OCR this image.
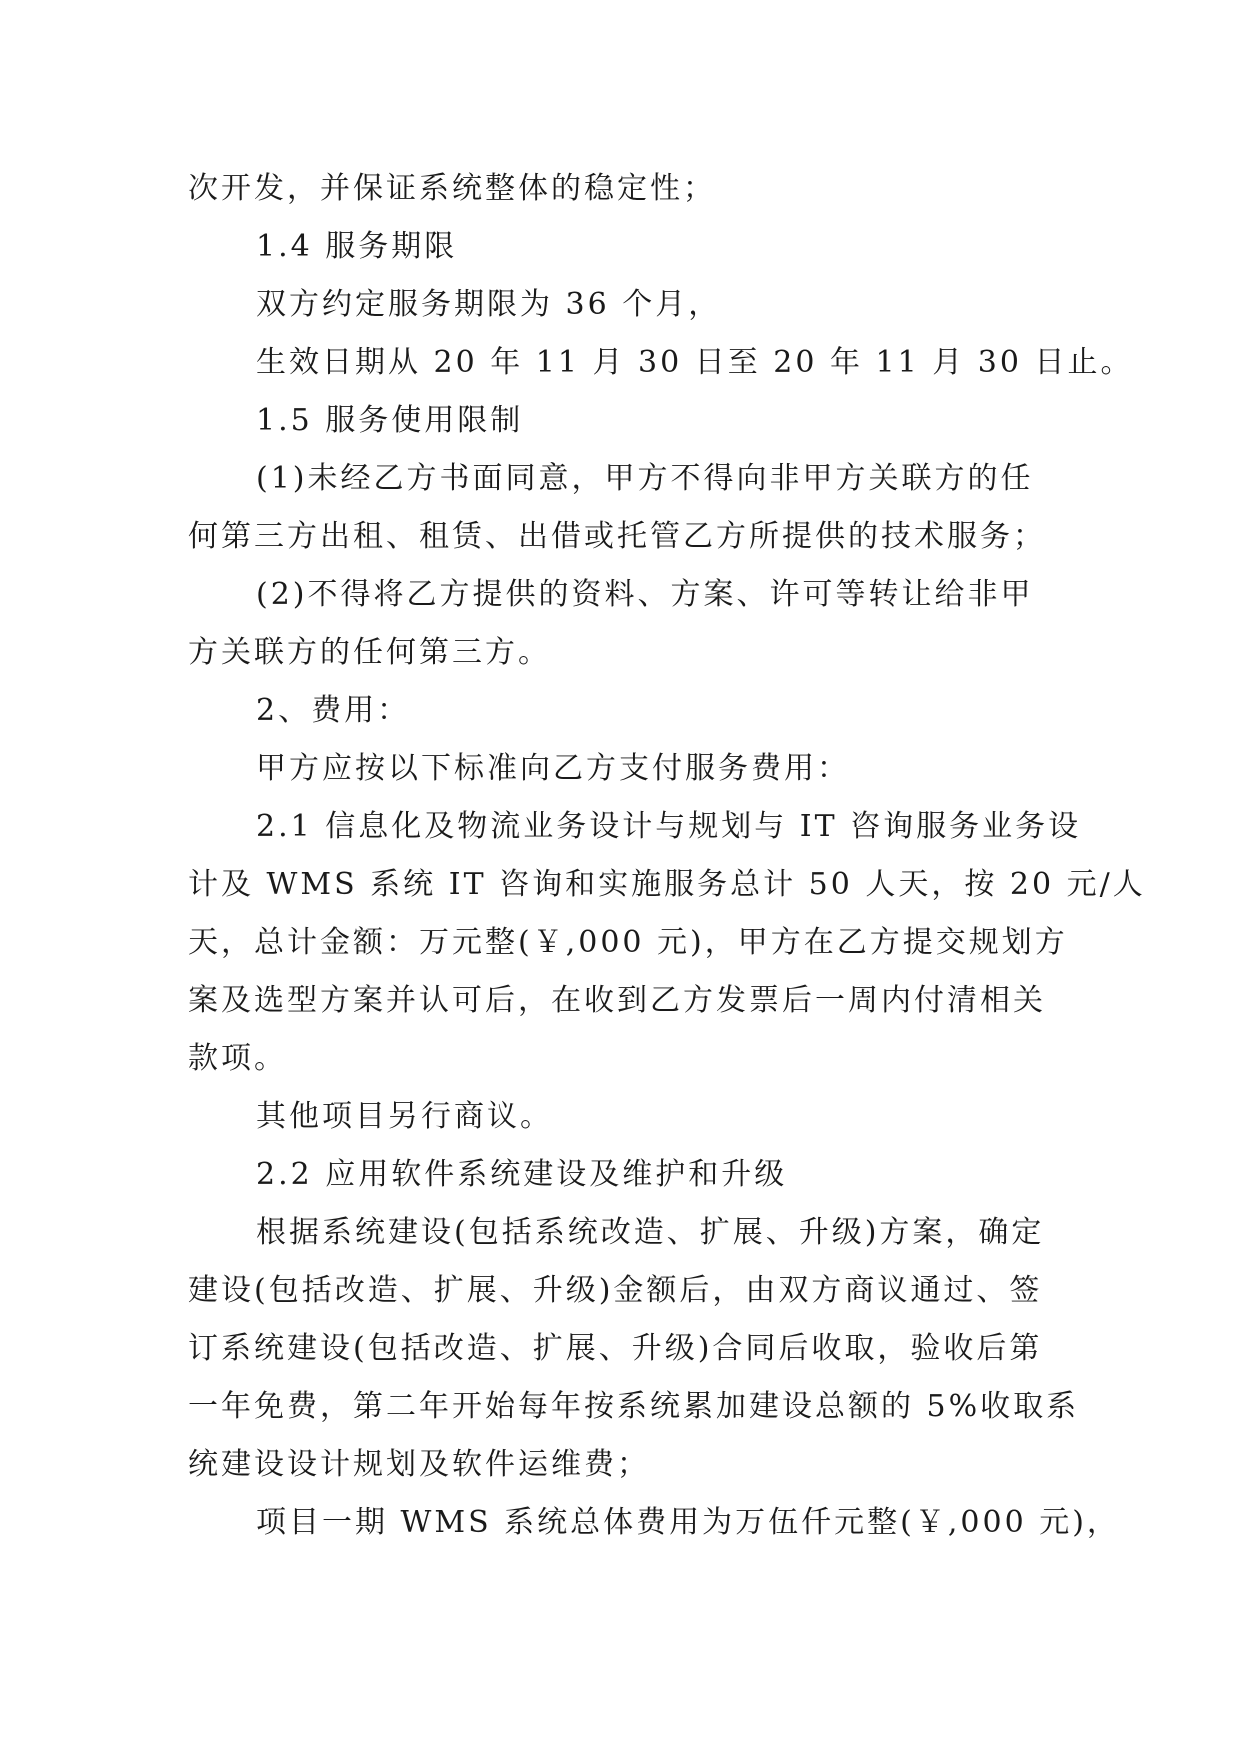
次开发，并保证系统整体的稳定性；
1.4 服务期限
双方约定服务期限为 36 个月，
生效日期从 20 年 11 月 30 日至 20 年 11 月 30 日止。
1.5 服务使用限制
(1)未经乙方书面同意，甲方不得向非甲方关联方的任
何第三方出租、租赁、出借或托管乙方所提供的技术服务；
(2)不得将乙方提供的资料、方案、许可等转让给非甲
方关联方的任何第三方。
2、费用：
甲方应按以下标准向乙方支付服务费用：
2.1 信息化及物流业务设计与规划与 IT 咨询服务业务设
计及 WMS 系统 IT 咨询和实施服务总计 50 人天，按 20 元/人
天，总计金额：万元整(￥,000 元)，甲方在乙方提交规划方
案及选型方案并认可后，在收到乙方发票后一周内付清相关
款项。
其他项目另行商议。
2.2 应用软件系统建设及维护和升级
根据系统建设(包括系统改造、扩展、升级)方案，确定
建设(包括改造、扩展、升级)金额后，由双方商议通过、签
订系统建设(包括改造、扩展、升级)合同后收取，验收后第
一年免费，第二年开始每年按系统累加建设总额的 5%收取系
统建设设计规划及软件运维费；
项目一期 WMS 系统总体费用为万伍仟元整(￥,000 元)，
